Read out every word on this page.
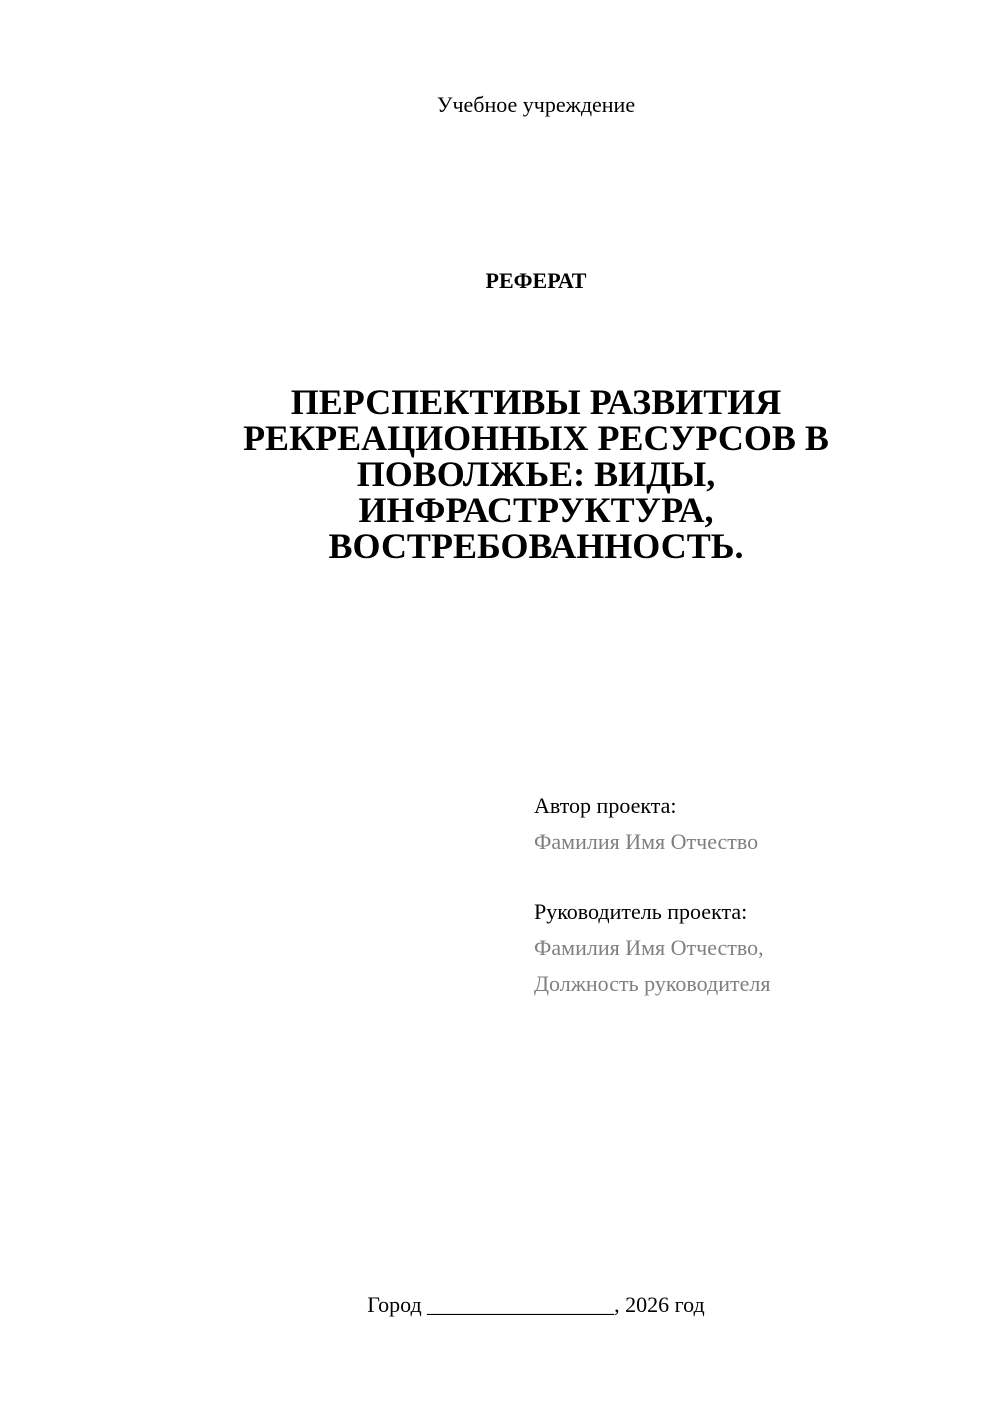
Учебное учреждение
РЕФЕРАТ
ПЕРСПЕКТИВЫ РАЗВИТИЯ
РЕКРЕАЦИОННЫХ РЕСУРСОВ В
ПОВОЛЖЬЕ: ВИДЫ,
ИНФРАСТРУКТУРА,
ВОСТРЕБОВАННОСТЬ.
Автор проекта:
Фамилия Имя Отчество
Руководитель проекта:
Фамилия Имя Отчество,
Должность руководителя
Город _________________, 2026 год
